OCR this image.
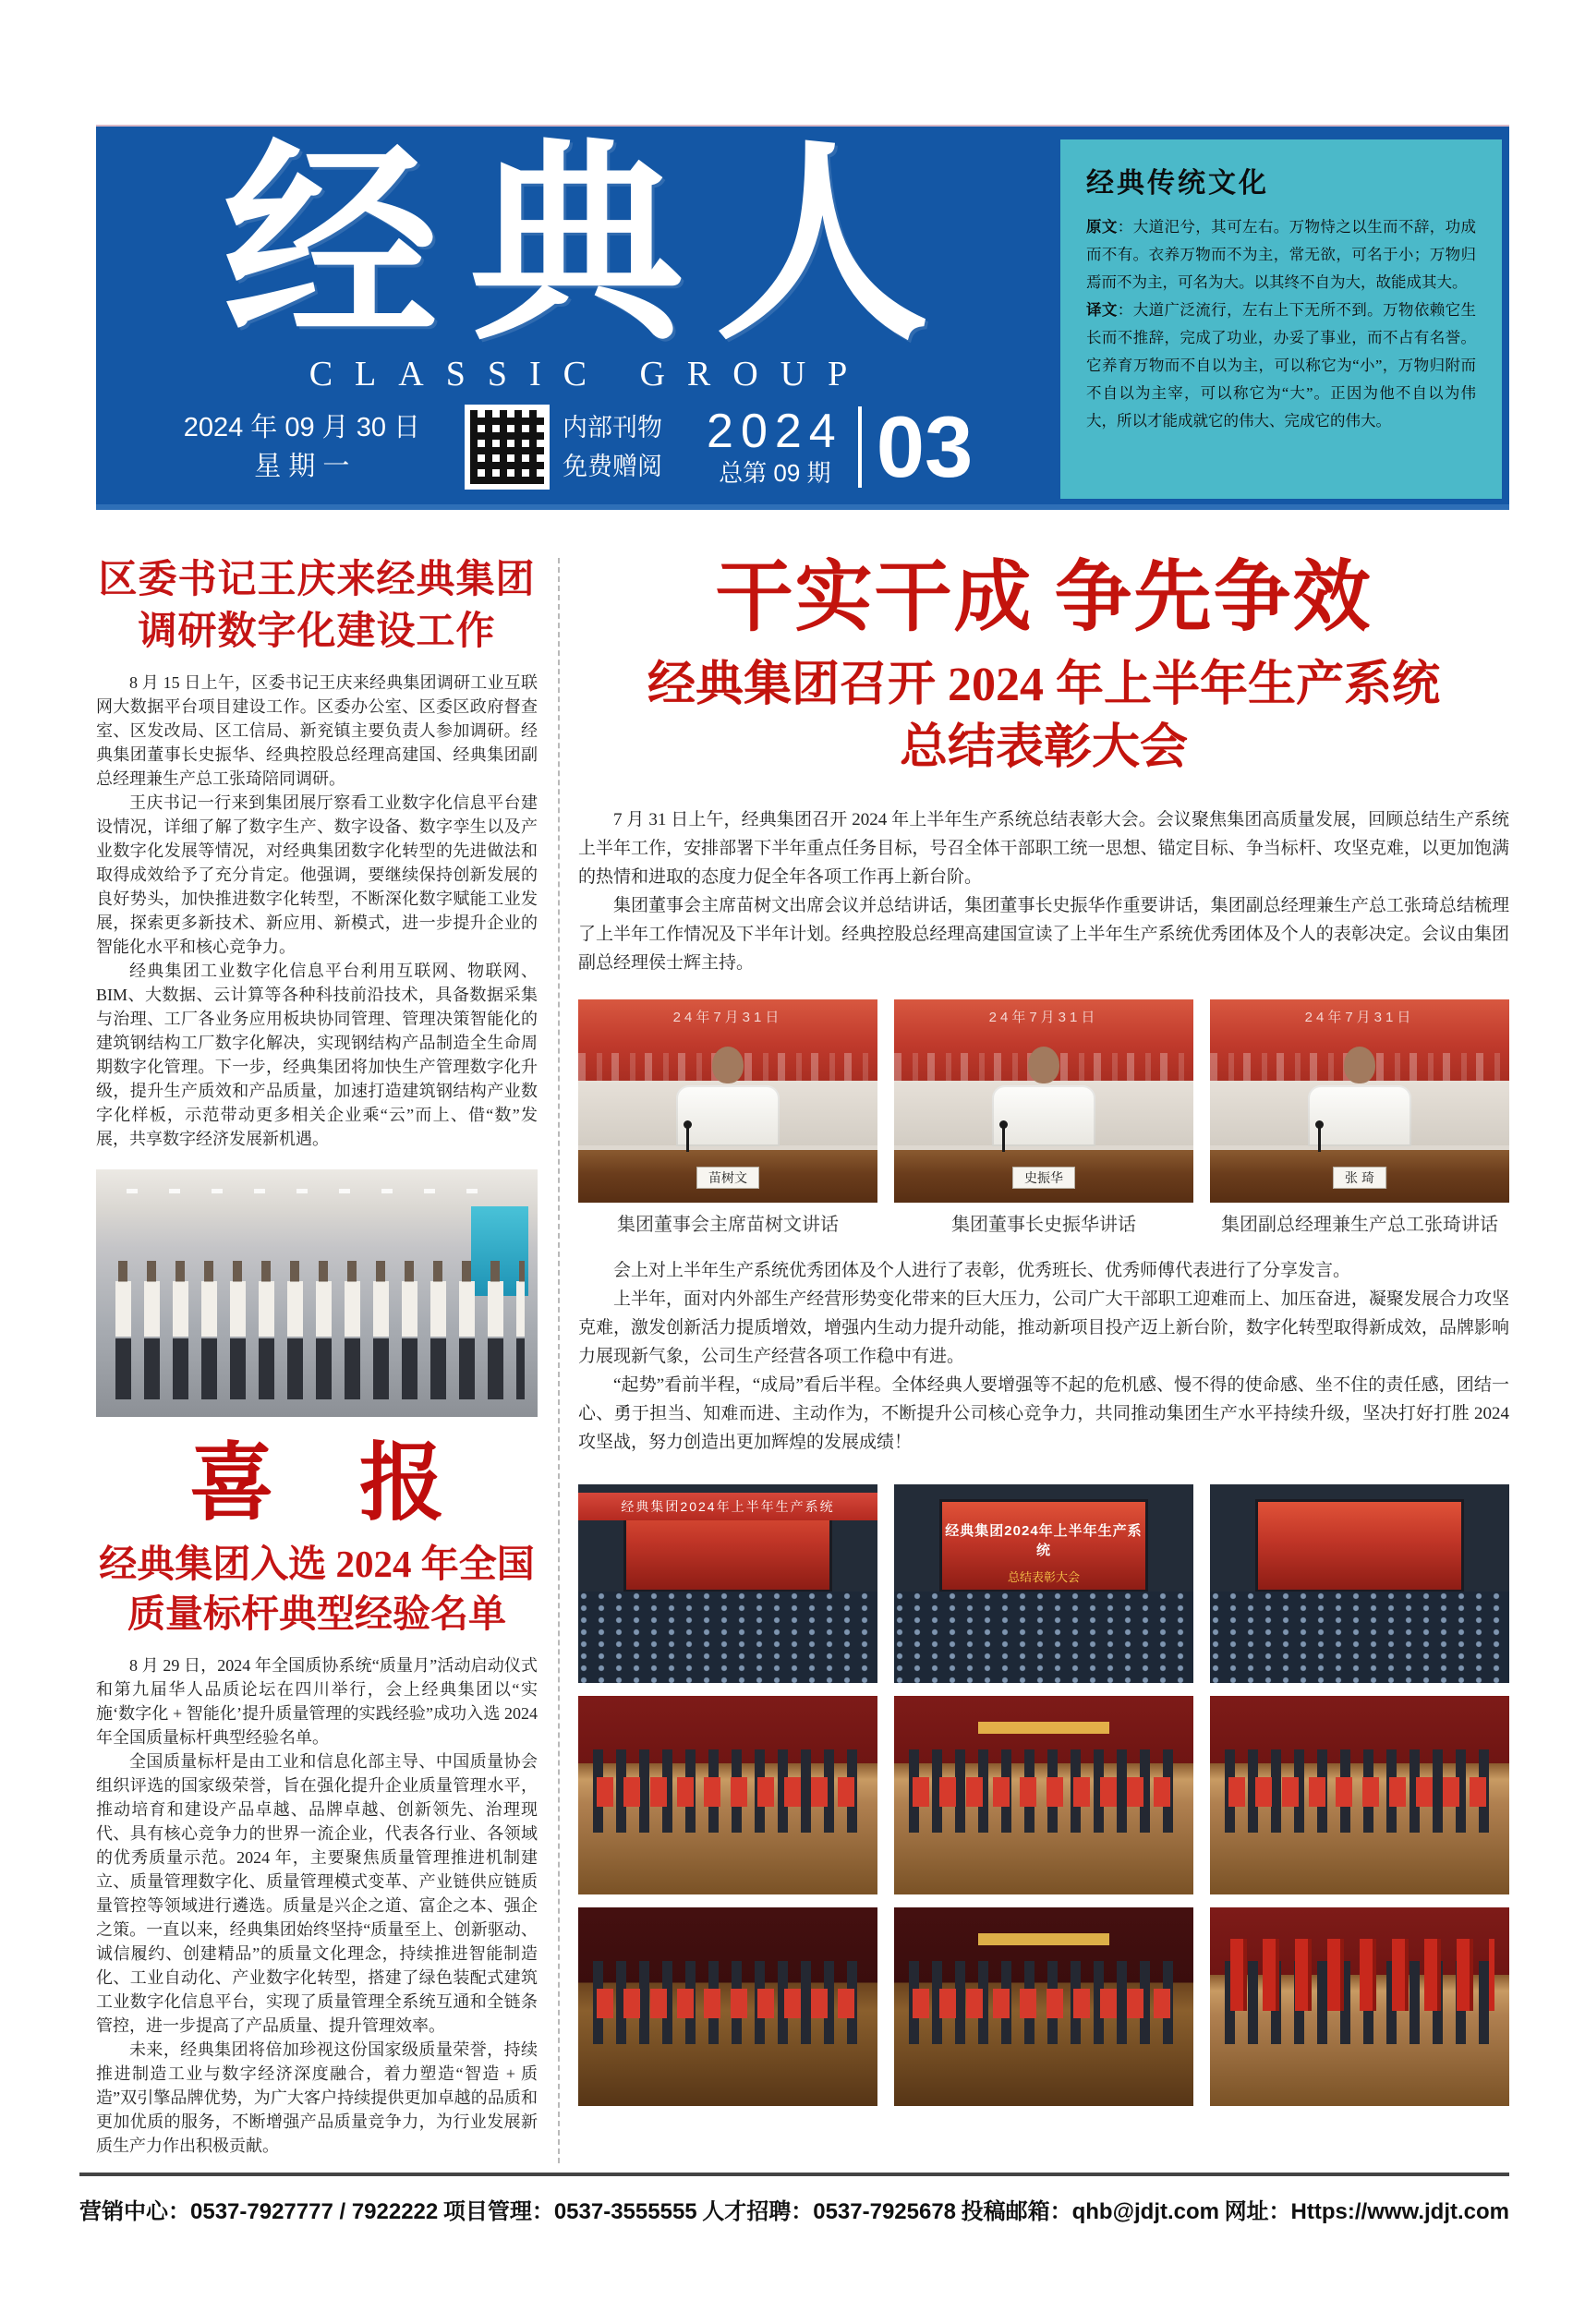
经典人
CLASSIC GROUP
2024 年 09 月 30 日
星 期 一
内部刊物
免费赠阅
2024
总第 09 期 03
经典传统文化
原文：大道汜兮，其可左右。万物恃之以生而不辞，功成而不有。衣养万物而不为主，常无欲，可名于小；万物归焉而不为主，可名为大。以其终不自为大，故能成其大。
译文：大道广泛流行，左右上下无所不到。万物依赖它生长而不推辞，完成了功业，办妥了事业，而不占有名誉。它养育万物而不自以为主，可以称它为“小”，万物归附而不自以为主宰，可以称它为“大”。正因为他不自以为伟大，所以才能成就它的伟大、完成它的伟大。
区委书记王庆来经典集团
调研数字化建设工作

8 月 15 日上午，区委书记王庆来经典集团调研工业互联网大数据平台项目建设工作。区委办公室、区委区政府督查室、区发改局、区工信局、新兖镇主要负责人参加调研。经典集团董事长史振华、经典控股总经理高建国、经典集团副总经理兼生产总工张琦陪同调研。

王庆书记一行来到集团展厅察看工业数字化信息平台建设情况，详细了解了数字生产、数字设备、数字孪生以及产业数字化发展等情况，对经典集团数字化转型的先进做法和取得成效给予了充分肯定。他强调，要继续保持创新发展的良好势头，加快推进数字化转型，不断深化数字赋能工业发展，探索更多新技术、新应用、新模式，进一步提升企业的智能化水平和核心竞争力。

经典集团工业数字化信息平台利用互联网、物联网、BIM、大数据、云计算等各种科技前沿技术，具备数据采集与治理、工厂各业务应用板块协同管理、管理决策智能化的建筑钢结构工厂数字化解决，实现钢结构产品制造全生命周期数字化管理。下一步，经典集团将加快生产管理数字化升级，提升生产质效和产品质量，加速打造建筑钢结构产业数字化样板，示范带动更多相关企业乘“云”而上、借“数”发展，共享数字经济发展新机遇。

喜　报
经典集团入选 2024 年全国
质量标杆典型经验名单

8 月 29 日，2024 年全国质协系统“质量月”活动启动仪式和第九届华人品质论坛在四川举行，会上经典集团以“实施‘数字化 + 智能化’提升质量管理的实践经验”成功入选 2024 年全国质量标杆典型经验名单。

全国质量标杆是由工业和信息化部主导、中国质量协会组织评选的国家级荣誉，旨在强化提升企业质量管理水平，推动培育和建设产品卓越、品牌卓越、创新领先、治理现代、具有核心竞争力的世界一流企业，代表各行业、各领域的优秀质量示范。2024 年，主要聚焦质量管理推进机制建立、质量管理数字化、质量管理模式变革、产业链供应链质量管控等领域进行遴选。质量是兴企之道、富企之本、强企之策。一直以来，经典集团始终坚持“质量至上、创新驱动、诚信履约、创建精品”的质量文化理念，持续推进智能制造化、工业自动化、产业数字化转型，搭建了绿色装配式建筑工业数字化信息平台，实现了质量管理全系统互通和全链条管控，进一步提高了产品质量、提升管理效率。

未来，经典集团将倍加珍视这份国家级质量荣誉，持续推进制造工业与数字经济深度融合，着力塑造“智造 + 质造”双引擎品牌优势，为广大客户持续提供更加卓越的品质和更加优质的服务，不断增强产品质量竞争力，为行业发展新质生产力作出积极贡献。

干实干成 争先争效
经典集团召开 2024 年上半年生产系统
总结表彰大会

7 月 31 日上午，经典集团召开 2024 年上半年生产系统总结表彰大会。会议聚焦集团高质量发展，回顾总结生产系统上半年工作，安排部署下半年重点任务目标，号召全体干部职工统一思想、锚定目标、争当标杆、攻坚克难，以更加饱满的热情和进取的态度力促全年各项工作再上新台阶。

集团董事会主席苗树文出席会议并总结讲话，集团董事长史振华作重要讲话，集团副总经理兼生产总工张琦总结梳理了上半年工作情况及下半年计划。经典控股总经理高建国宣读了上半年生产系统优秀团体及个人的表彰决定。会议由集团副总经理侯士辉主持。

24年7月31日
苗树文
集团董事会主席苗树文讲话
24年7月31日
史振华
集团董事长史振华讲话
24年7月31日
张 琦
集团副总经理兼生产总工张琦讲话

会上对上半年生产系统优秀团体及个人进行了表彰，优秀班长、优秀师傅代表进行了分享发言。

上半年，面对内外部生产经营形势变化带来的巨大压力，公司广大干部职工迎难而上、加压奋进，凝聚发展合力攻坚克难，激发创新活力提质增效，增强内生动力提升动能，推动新项目投产迈上新台阶，数字化转型取得新成效，品牌影响力展现新气象，公司生产经营各项工作稳中有进。

“起势”看前半程，“成局”看后半程。全体经典人要增强等不起的危机感、慢不得的使命感、坐不住的责任感，团结一心、勇于担当、知难而进、主动作为，不断提升公司核心竞争力，共同推动集团生产水平持续升级，坚决打好打胜 2024 攻坚战，努力创造出更加辉煌的发展成绩！

经典集团2024年上半年生产系统
经典集团2024年上半年生产系统
总结表彰大会
营销中心：0537-7927777 / 7922222 项目管理：0537-3555555 人才招聘：0537-7925678 投稿邮箱：qhb@jdjt.com 网址：Https://www.jdjt.com
